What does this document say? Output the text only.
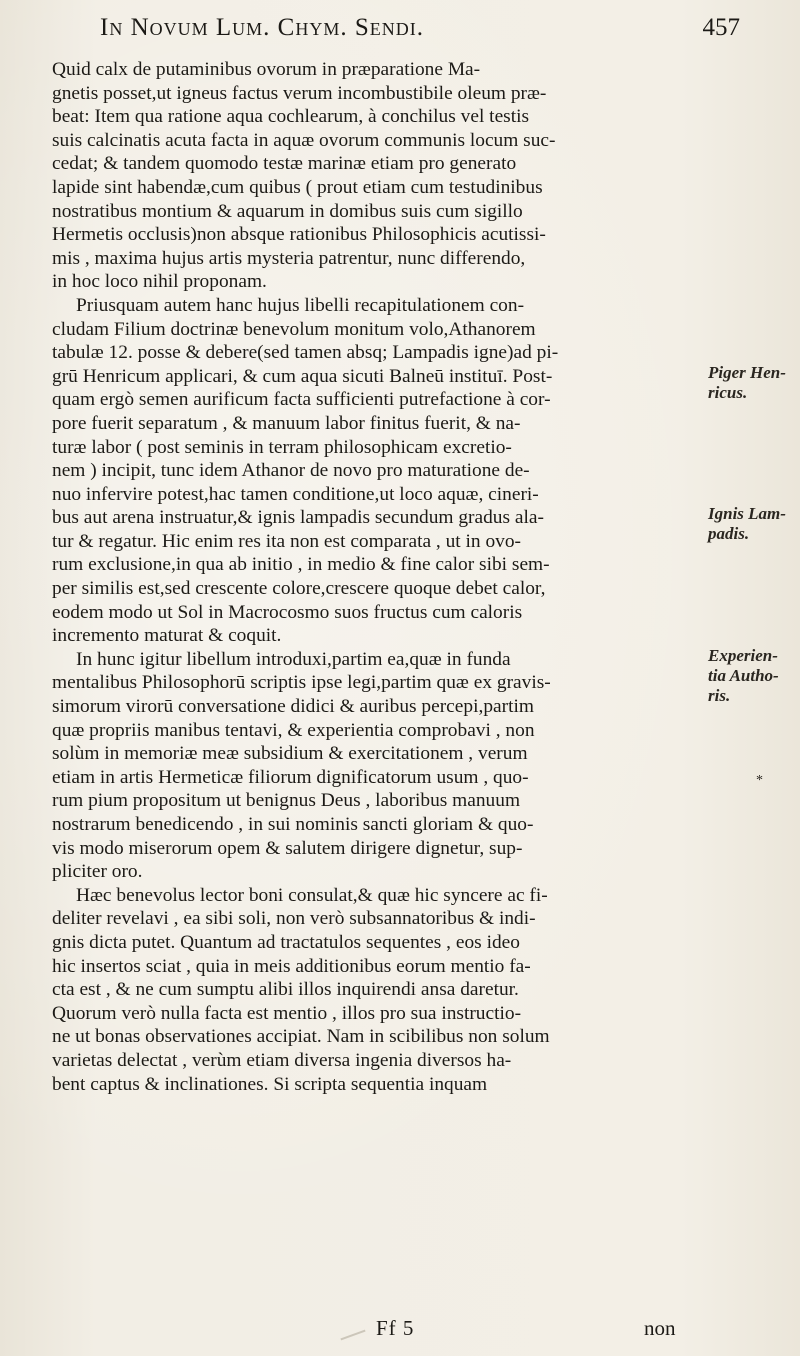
In Novum Lum. Chym. Sendi.	457
Quid calx de putaminibus ovorum in præparatione Ma-
gnetis posset,ut igneus factus verum incombustibile oleum præ-
beat: Item qua ratione aqua cochlearum, à conchilus vel testis
suis calcinatis acuta facta in aquæ ovorum communis locum suc-
cedat; & tandem quomodo testæ marinæ etiam pro generato
lapide sint habendæ,cum quibus ( prout etiam cum testudinibus
nostratibus montium & aquarum in domibus suis cum sigillo
Hermetis occlusis)non absque rationibus Philosophicis acutissi-
mis , maxima hujus artis mysteria patrentur, nunc differendo,
in hoc loco nihil proponam.
Priusquam autem hanc hujus libelli recapitulationem con-
cludam Filium doctrinæ benevolum monitum volo,Athanorem
tabulæ 12. posse & debere(sed tamen absq; Lampadis igne)ad pi-
grū Henricum applicari, & cum aqua sicuti Balneū instituī. Post-
quam ergò semen aurificum facta sufficienti putrefactione à cor-
pore fuerit separatum , & manuum labor finitus fuerit, & na-
turæ labor ( post seminis in terram philosophicam excretio-
nem ) incipit, tunc idem Athanor de novo pro maturatione de-
nuo infervire potest,hac tamen conditione,ut loco aquæ, cineri-
bus aut arena instruatur,& ignis lampadis secundum gradus ala-
tur & regatur. Hic enim res ita non est comparata , ut in ovo-
rum exclusione,in qua ab initio , in medio & fine calor sibi sem-
per similis est,sed crescente colore,crescere quoque debet calor,
eodem modo ut Sol in Macrocosmo suos fructus cum caloris
incremento maturat & coquit.
In hunc igitur libellum introduxi,partim ea,quæ in funda
mentalibus Philosophorū scriptis ipse legi,partim quæ ex gravis-
simorum virorū conversatione didici & auribus percepi,partim
quæ propriis manibus tentavi, & experientia comprobavi , non
solùm in memoriæ meæ subsidium & exercitationem , verum
etiam in artis Hermeticæ filiorum dignificatorum usum , quo-
rum pium propositum ut benignus Deus , laboribus manuum
nostrarum benedicendo , in sui nominis sancti gloriam & quo-
vis modo miserorum opem & salutem dirigere dignetur, sup-
pliciter oro.
Hæc benevolus lector boni consulat,& quæ hic syncere ac fi-
deliter revelavi , ea sibi soli, non verò subsannatoribus & indi-
gnis dicta putet. Quantum ad tractatulos sequentes , eos ideo
hic insertos sciat , quia in meis additionibus eorum mentio fa-
cta est , & ne cum sumptu alibi illos inquirendi ansa daretur.
Quorum verò nulla facta est mentio , illos pro sua instructio-
ne ut bonas observationes accipiat. Nam in scibilibus non solum
varietas delectat , verùm etiam diversa ingenia diversos ha-
bent captus & inclinationes. Si scripta sequentia inquam
Piger Hen-
ricus.
Ignis Lam-
padis.
Experien-
tia Autho-
ris.
*
Ff 5	non
